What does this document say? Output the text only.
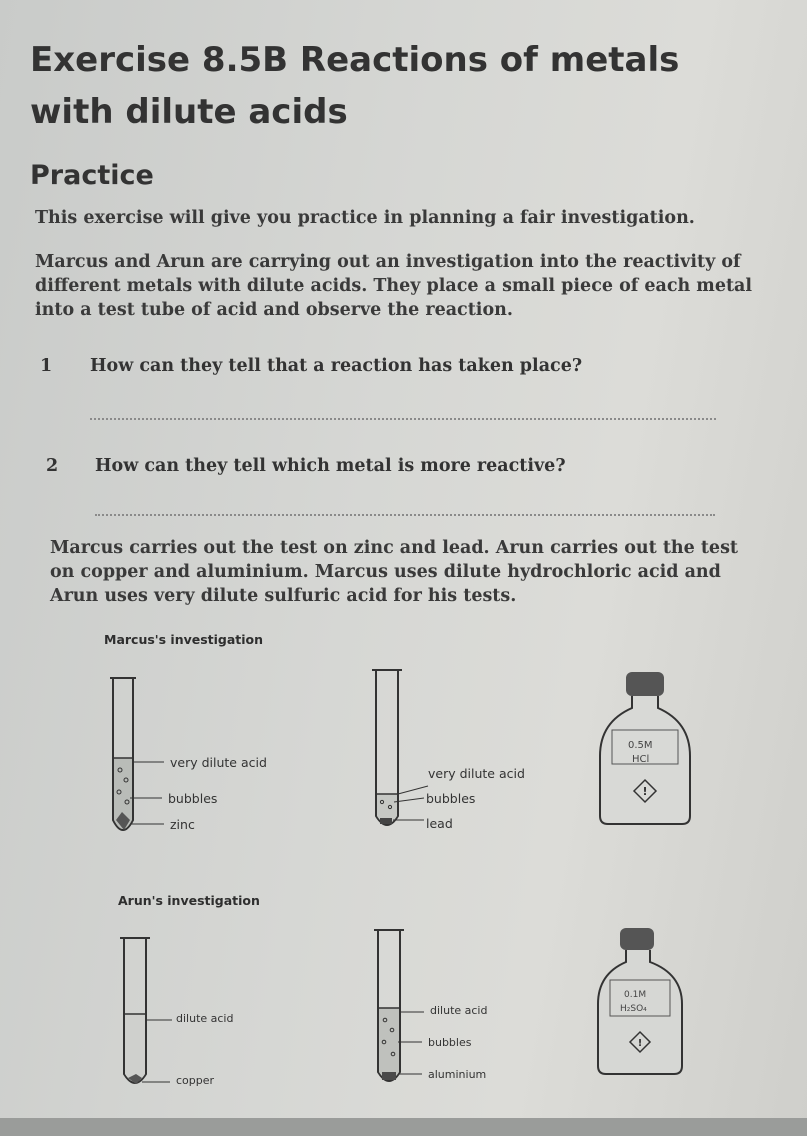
Exercise 8.5B Reactions of metals with dilute acids
Practice
This exercise will give you practice in planning a fair investigation.
Marcus and Arun are carrying out an investigation into the reactivity of different metals with dilute acids. They place a small piece of each metal into a test tube of acid and observe the reaction.
1 How can they tell that a reaction has taken place?
2 How can they tell which metal is more reactive?
Marcus carries out the test on zinc and lead. Arun carries out the test on copper and aluminium. Marcus uses dilute hydrochloric acid and Arun uses very dilute sulfuric acid for his tests.
Marcus's investigation
very dilute acid
bubbles
zinc
very dilute acid
bubbles
lead
!
0.5M
HCl
Arun's investigation
dilute acid
copper
dilute acid
bubbles
aluminium
!
0.1M
H₂SO₄
